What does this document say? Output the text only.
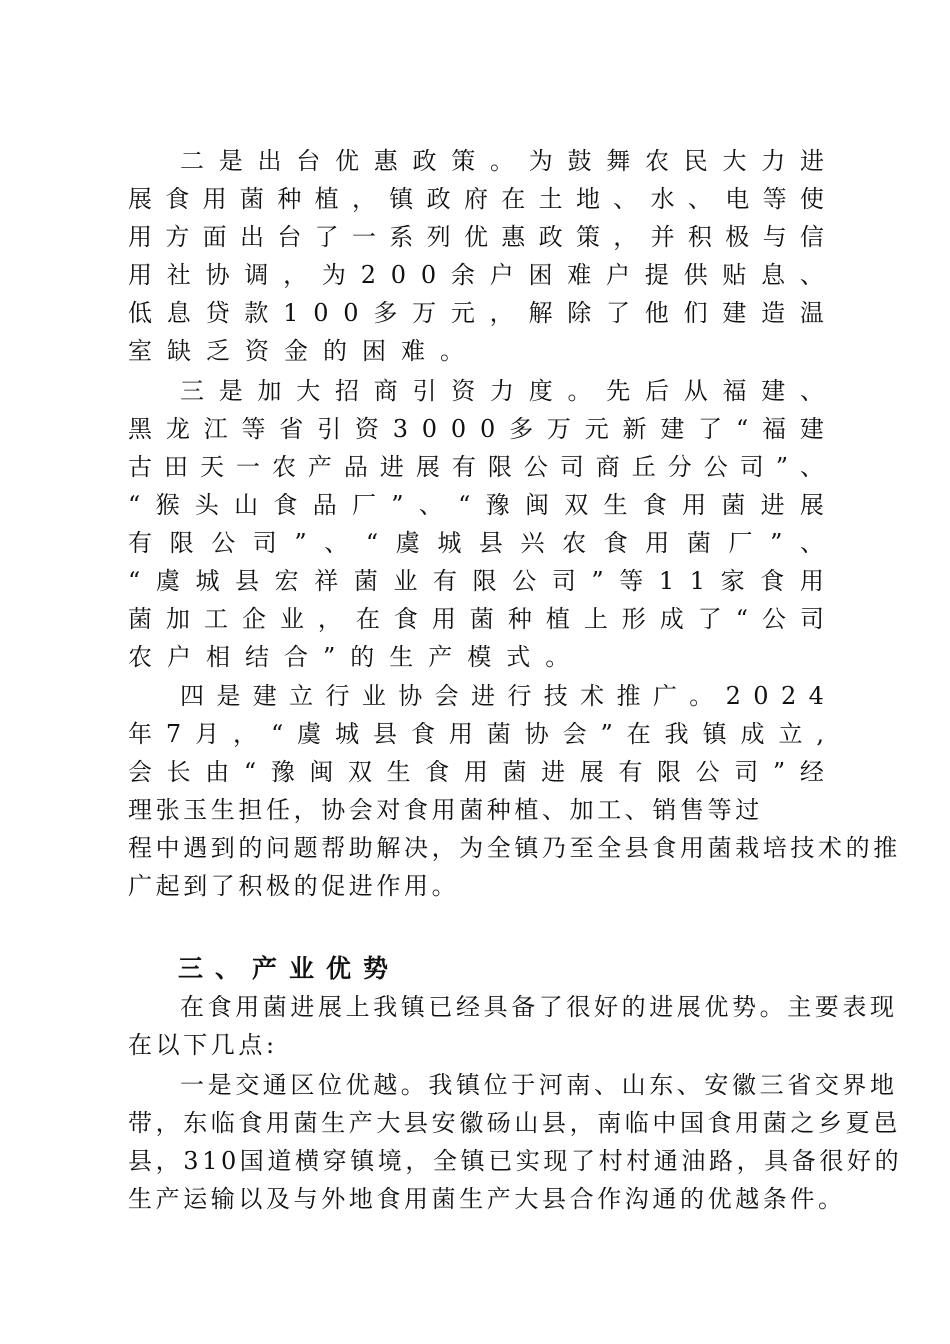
二 是 出 台 优 惠 政 策 。 为 鼓 舞 农 民 大 力 进
展 食 用 菌 种 植 ， 镇 政 府 在 土 地 、 水 、 电 等 使
用 方 面 出 台 了 一 系 列 优 惠 政 策 ， 并 积 极 与 信
用 社 协 调 ， 为 2 0 0 余 户 困 难 户 提 供 贴 息 、
低 息 贷 款 1 0 0 多 万 元 ， 解 除 了 他 们 建 造 温
室 缺 乏 资 金 的 困 难 。
三 是 加 大 招 商 引 资 力 度 。 先 后 从 福 建 、
黑 龙 江 等 省 引 资 3 0 0 0 多 万 元 新 建 了 “ 福 建
古 田 天 一 农 产 品 进 展 有 限 公 司 商 丘 分 公 司 ” 、
“ 猴 头 山 食 品 厂 ” 、 “ 豫 闽 双 生 食 用 菌 进 展
有 限 公 司 ” 、 “ 虞 城 县 兴 农 食 用 菌 厂 ” 、
“ 虞 城 县 宏 祥 菌 业 有 限 公 司 ” 等 1 1 家 食 用
菌 加 工 企 业 ， 在 食 用 菌 种 植 上 形 成 了 “ 公 司
农 户 相 结 合 ” 的 生 产 模 式 。
四 是 建 立 行 业 协 会 进 行 技 术 推 广 。 2 0 2 4
年 7 月 ， “ 虞 城 县 食 用 菌 协 会 ” 在 我 镇 成 立 ,
会 长 由 “ 豫 闽 双 生 食 用 菌 进 展 有 限 公 司 ” 经
理张玉生担任，协会对食用菌种植、加工、销售等过
程中遇到的问题帮助解决，为全镇乃至全县食用菌栽培技术的推
广起到了积极的促进作用。
三、产业优势
在食用菌进展上我镇已经具备了很好的进展优势。主要表现
在以下几点:
一是交通区位优越。我镇位于河南、山东、安徽三省交界地
带，东临食用菌生产大县安徽砀山县，南临中国食用菌之乡夏邑
县，310国道横穿镇境，全镇已实现了村村通油路，具备很好的
生产运输以及与外地食用菌生产大县合作沟通的优越条件。
